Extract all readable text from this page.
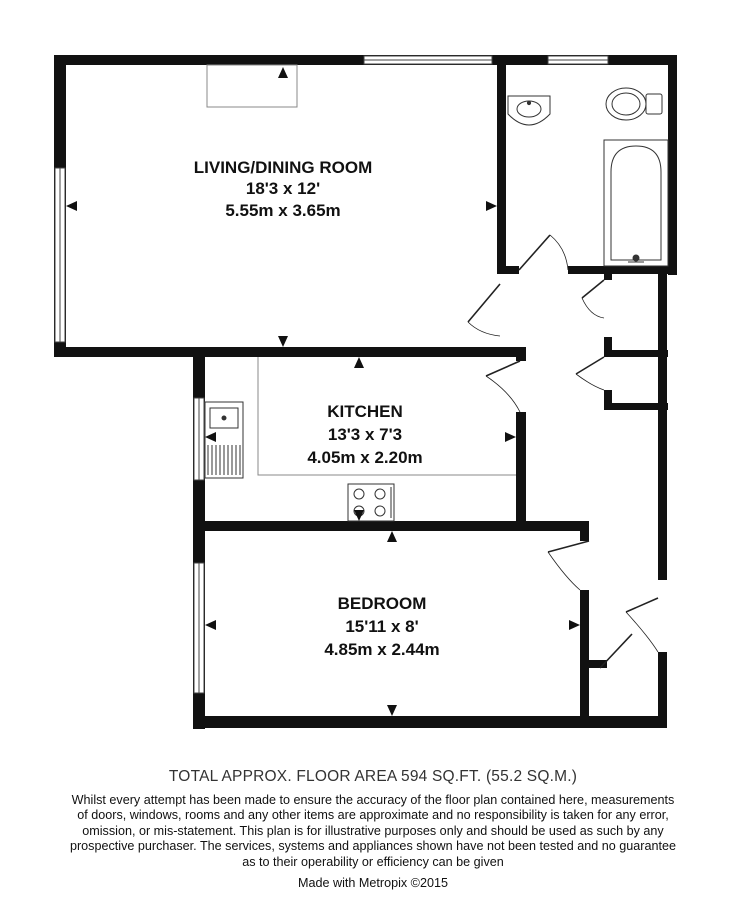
LIVING/DINING ROOM
18'3 x 12'
5.55m x 3.65m
KITCHEN
13'3 x 7'3
4.05m x 2.20m
BEDROOM
15'11 x 8'
4.85m x 2.44m
TOTAL APPROX. FLOOR AREA 594 SQ.FT. (55.2 SQ.M.)
Whilst every attempt has been made to ensure the accuracy of the floor plan contained here, measurements
of doors, windows, rooms and any other items are approximate and no responsibility is taken for any error,
omission, or mis-statement. This plan is for illustrative purposes only and should be used as such by any
prospective purchaser. The services, systems and appliances shown have not been tested and no guarantee
as to their operability or efficiency can be given
Made with Metropix ©2015
